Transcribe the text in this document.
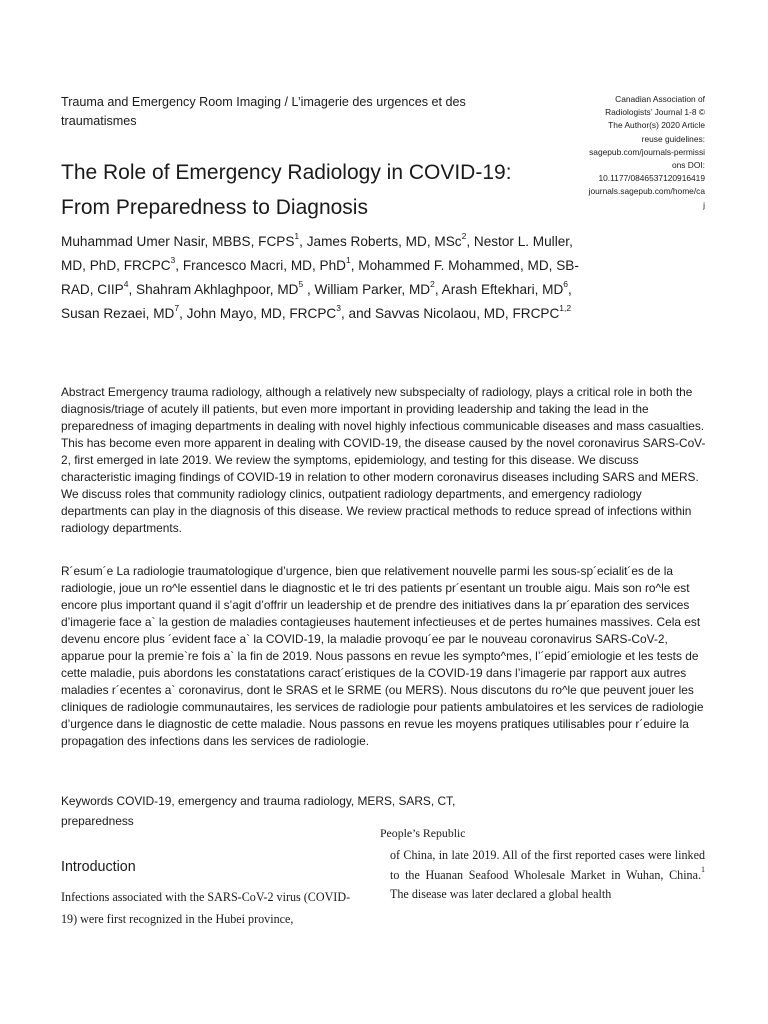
Trauma and Emergency Room Imaging / L’imagerie des urgences et des traumatismes
Canadian Association of
Radiologists’ Journal 1-8 ©
The Author(s) 2020 Article
reuse guidelines:
sagepub.com/journals-permissi
ons DOI:
10.1177/0846537120916419
journals.sagepub.com/home/ca
j
The Role of Emergency Radiology in COVID-19: From Preparedness to Diagnosis
Muhammad Umer Nasir, MBBS, FCPS$^1$, James Roberts, MD, MSc$^2$, Nestor L. Muller, MD, PhD, FRCPC$^3$, Francesco Macri, MD, PhD$^1$, Mohammed F. Mohammed, MD, SB-RAD, CIIP$^4$, Shahram Akhlaghpoor, $MD^5$ , William Parker, $MD^2$, Arash Eftekhari, $MD^6$, Susan Rezaei, $MD^7$, John Mayo, MD, FRCPC$^3$, and Savvas Nicolaou, MD, FRCPC$^{1,2}$

Abstract Emergency trauma radiology, although a relatively new subspecialty of radiology, plays a critical role in both the diagnosis/triage of acutely ill patients, but even more important in providing leadership and taking the lead in the preparedness of imaging departments in dealing with novel highly infectious communicable diseases and mass casualties. This has become even more apparent in dealing with COVID-19, the disease caused by the novel coronavirus SARS-CoV-2, first emerged in late 2019. We review the symptoms, epidemiology, and testing for this disease. We discuss characteristic imaging findings of COVID-19 in relation to other modern coronavirus diseases including SARS and MERS. We discuss roles that community radiology clinics, outpatient radiology departments, and emergency radiology departments can play in the diagnosis of this disease. We review practical methods to reduce spread of infections within radiology departments.

R´esum´e La radiologie traumatologique d’urgence, bien que relativement nouvelle parmi les sous-sp´ecialit´es de la radiologie, joue un ro^le essentiel dans le diagnostic et le tri des patients pr´esentant un trouble aigu. Mais son ro^le est encore plus important quand il s’agit d’offrir un leadership et de prendre des initiatives dans la pr´eparation des services d’imagerie face a` la gestion de maladies contagieuses hautement infectieuses et de pertes humaines massives. Cela est devenu encore plus ´evident face a` la COVID-19, la maladie provoqu´ee par le nouveau coronavirus SARS-CoV-2, apparue pour la premie`re fois a` la fin de 2019. Nous passons en revue les sympto^mes, l’´epid´emiologie et les tests de cette maladie, puis abordons les constatations caract´eristiques de la COVID-19 dans l’imagerie par rapport aux autres maladies r´ecentes a` coronavirus, dont le SRAS et le SRME (ou MERS). Nous discutons du ro^le que peuvent jouer les cliniques de radiologie communautaires, les services de radiologie pour patients ambulatoires et les services de radiologie d’urgence dans le diagnostic de cette maladie. Nous passons en revue les moyens pratiques utilisables pour r´eduire la propagation des infections dans les services de radiologie.

Keywords COVID-19, emergency and trauma radiology, MERS, SARS, CT, preparedness

People’s Republic
Introduction

Infections associated with the SARS-CoV-2 virus (COVID-19) were first recognized in the Hubei province,

of China, in late 2019. All of the first reported cases were linked to the Huanan Seafood Wholesale Market in Wuhan, China.$^1$ The disease was later declared a global health
